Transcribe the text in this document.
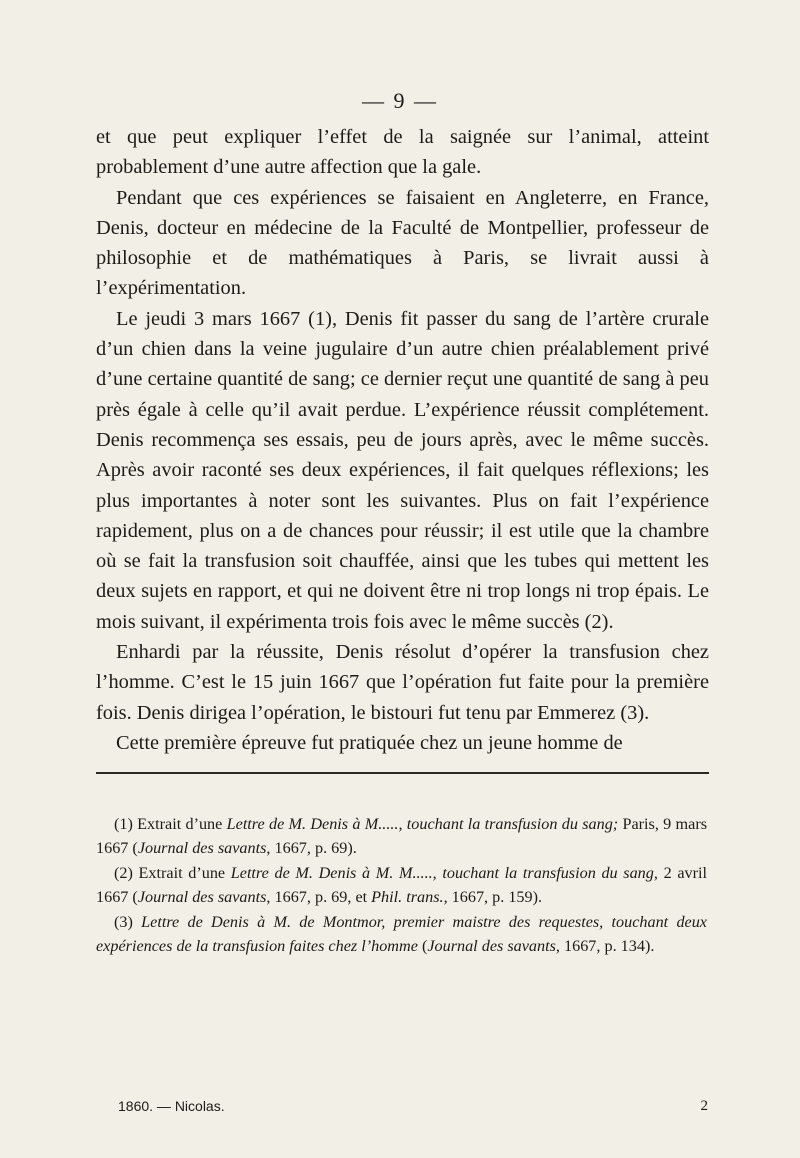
— 9 —

et que peut expliquer l’effet de la saignée sur l’animal, atteint probablement d’une autre affection que la gale.

Pendant que ces expériences se faisaient en Angleterre, en France, Denis, docteur en médecine de la Faculté de Montpellier, professeur de philosophie et de mathématiques à Paris, se livrait aussi à l’expérimentation.

Le jeudi 3 mars 1667 (1), Denis fit passer du sang de l’artère crurale d’un chien dans la veine jugulaire d’un autre chien préalablement privé d’une certaine quantité de sang; ce dernier reçut une quantité de sang à peu près égale à celle qu’il avait perdue. L’expérience réussit complétement. Denis recommença ses essais, peu de jours après, avec le même succès. Après avoir raconté ses deux expériences, il fait quelques réflexions; les plus importantes à noter sont les suivantes. Plus on fait l’expérience rapidement, plus on a de chances pour réussir; il est utile que la chambre où se fait la transfusion soit chauffée, ainsi que les tubes qui mettent les deux sujets en rapport, et qui ne doivent être ni trop longs ni trop épais. Le mois suivant, il expérimenta trois fois avec le même succès (2).

Enhardi par la réussite, Denis résolut d’opérer la transfusion chez l’homme. C’est le 15 juin 1667 que l’opération fut faite pour la première fois. Denis dirigea l’opération, le bistouri fut tenu par Emmerez (3).

Cette première épreuve fut pratiquée chez un jeune homme de

(1) Extrait d’une Lettre de M. Denis à M....., touchant la transfusion du sang; Paris, 9 mars 1667 (Journal des savants, 1667, p. 69).

(2) Extrait d’une Lettre de M. Denis à M. M....., touchant la transfusion du sang, 2 avril 1667 (Journal des savants, 1667, p. 69, et Phil. trans., 1667, p. 159).

(3) Lettre de Denis à M. de Montmor, premier maistre des requestes, touchant deux expériences de la transfusion faites chez l’homme (Journal des savants, 1667, p. 134).

1860. — Nicolas.	2
